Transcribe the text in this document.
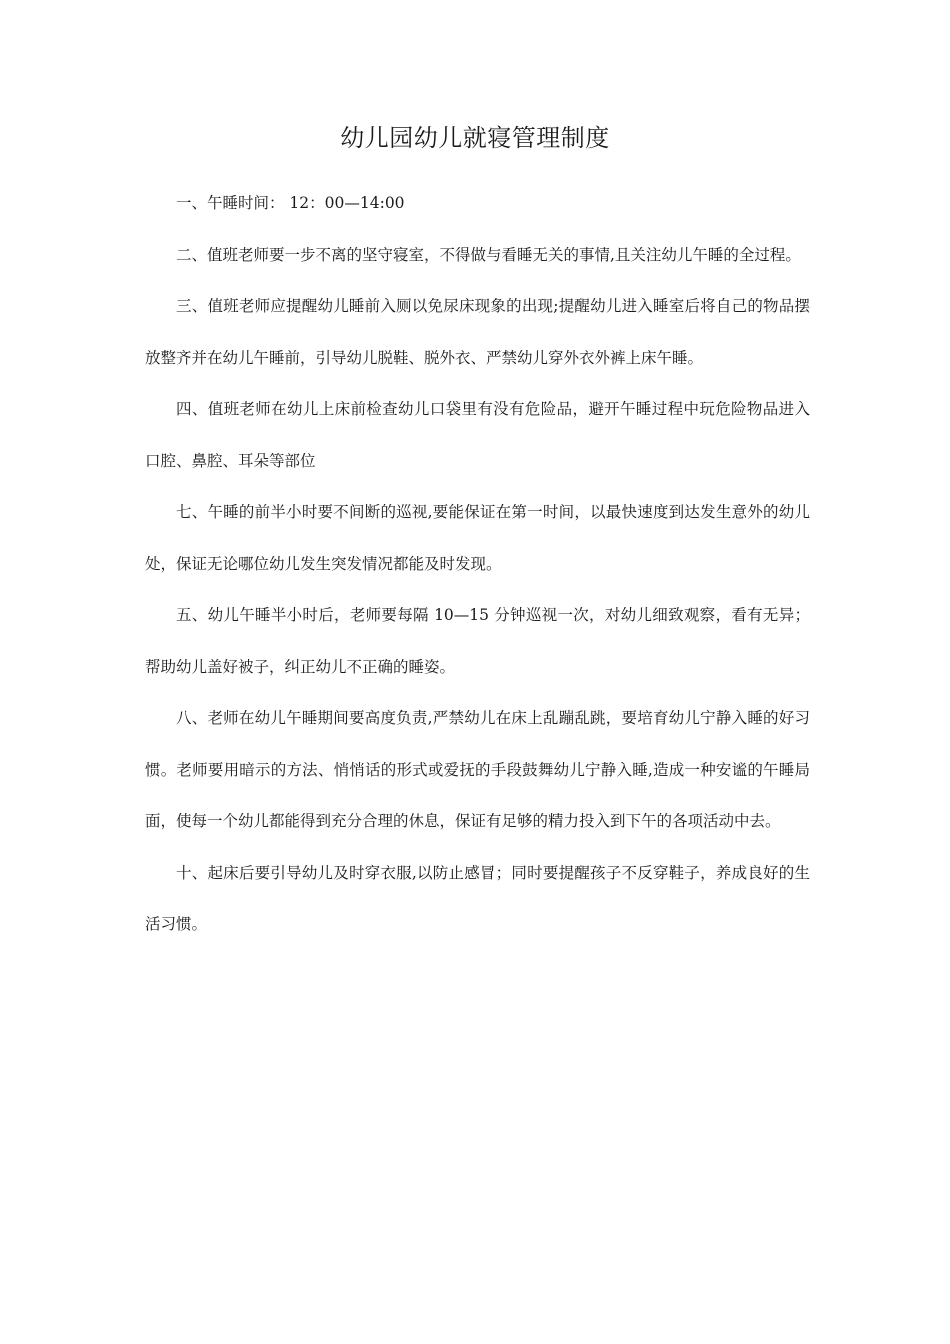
幼儿园幼儿就寝管理制度

一、午睡时间： 12：00—14:00

二、值班老师要一步不离的坚守寝室，不得做与看睡无关的事情,且关注幼儿午睡的全过程。

三、值班老师应提醒幼儿睡前入厕以免尿床现象的出现;提醒幼儿进入睡室后将自己的物品摆放整齐并在幼儿午睡前，引导幼儿脱鞋、脱外衣、严禁幼儿穿外衣外裤上床午睡。

四、值班老师在幼儿上床前检查幼儿口袋里有没有危险品，避开午睡过程中玩危险物品进入口腔、鼻腔、耳朵等部位

七、午睡的前半小时要不间断的巡视,要能保证在第一时间，以最快速度到达发生意外的幼儿处，保证无论哪位幼儿发生突发情况都能及时发现。

五、幼儿午睡半小时后，老师要每隔 10—15 分钟巡视一次，对幼儿细致观察，看有无异；帮助幼儿盖好被子，纠正幼儿不正确的睡姿。

八、老师在幼儿午睡期间要高度负责,严禁幼儿在床上乱蹦乱跳，要培育幼儿宁静入睡的好习惯。老师要用暗示的方法、悄悄话的形式或爱抚的手段鼓舞幼儿宁静入睡,造成一种安谧的午睡局面，使每一个幼儿都能得到充分合理的休息，保证有足够的精力投入到下午的各项活动中去。

十、起床后要引导幼儿及时穿衣服,以防止感冒；同时要提醒孩子不反穿鞋子，养成良好的生活习惯。
